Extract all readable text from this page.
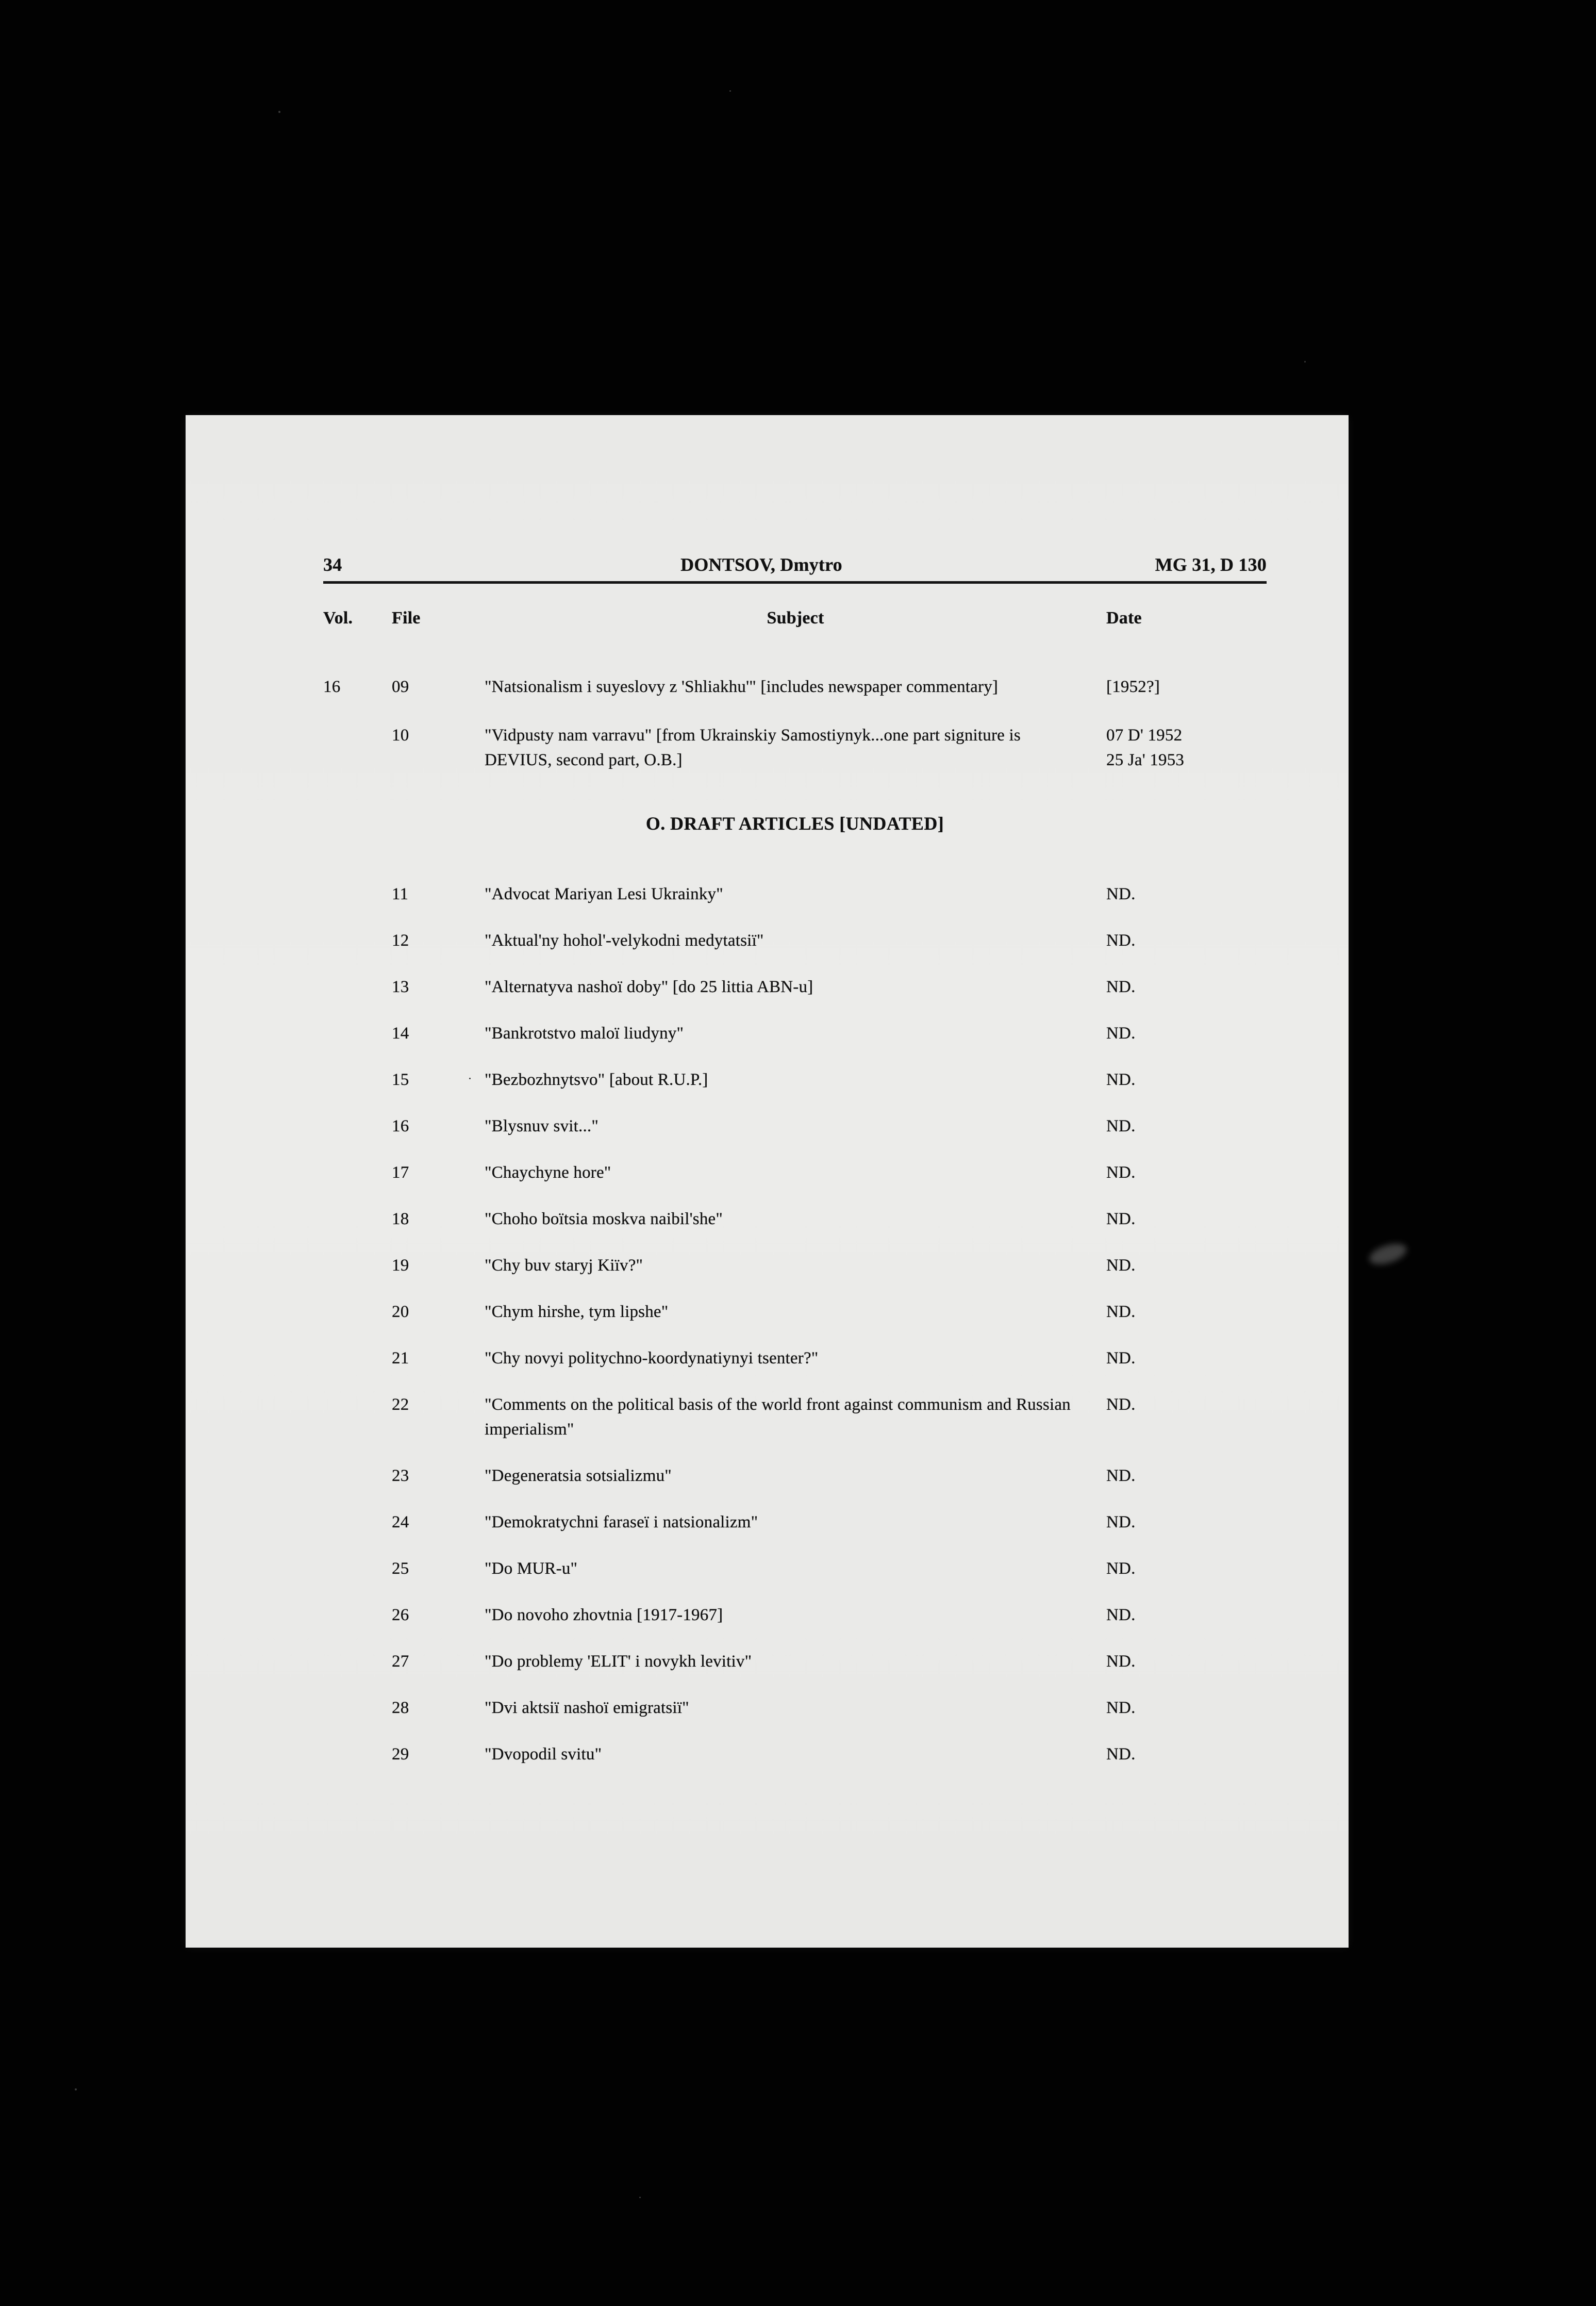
34	DONTSOV, Dmytro	MG 31, D 130
Vol.	File	Subject	Date
16	09	"Natsionalism i suyeslovy z 'Shliakhu'" [includes newspaper commentary]	[1952?]
10	"Vidpusty nam varravu" [from Ukrainskiy Samostiynyk...one part signiture is DEVIUS, second part, O.B.]
07 D' 1952
25 Ja' 1953
O. DRAFT ARTICLES [UNDATED]
11	"Advocat Mariyan Lesi Ukrainky"	ND.
12	"Aktual'ny hohol'-velykodni medytatsiï"	ND.
13	"Alternatyva nashoï doby" [do 25 littia ABN-u]	ND.
14	"Bankrotstvo maloï liudyny"	ND.
15	"Bezbozhnytsvo" [about R.U.P.]	ND.
16	"Blysnuv svit..."	ND.
17	"Chaychyne hore"	ND.
18	"Choho boïtsia moskva naibil'she"	ND.
19	"Chy buv staryj Kiïv?"	ND.
20	"Chym hirshe, tym lipshe"	ND.
21	"Chy novyi politychno-koordynatiynyi tsenter?"	ND.
22	"Comments on the political basis of the world front against communism and Russian imperialism"
ND.
23	"Degeneratsia sotsializmu"	ND.
24	"Demokratychni faraseï i natsionalizm"	ND.
25	"Do MUR-u"	ND.
26	"Do novoho zhovtnia [1917-1967]	ND.
27	"Do problemy 'ELIT' i novykh levitiv"	ND.
28	"Dvi aktsiï nashoï emigratsiï"	ND.
29	"Dvopodil svitu"	ND.
